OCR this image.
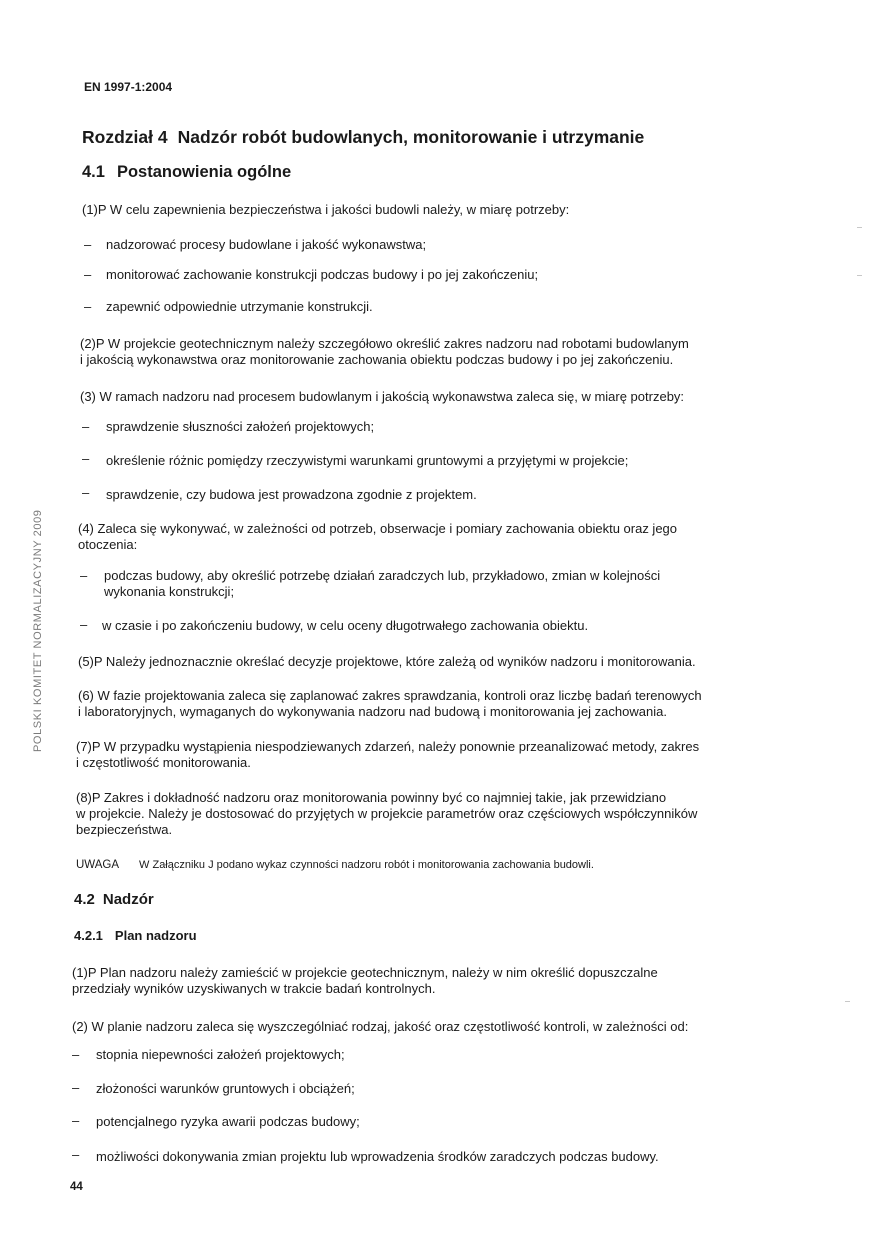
EN 1997-1:2004
Rozdział 4 Nadzór robót budowlanych, monitorowanie i utrzymanie
4.1 Postanowienia ogólne
(1)P W celu zapewnienia bezpieczeństwa i jakości budowli należy, w miarę potrzeby:
– nadzorować procesy budowlane i jakość wykonawstwa;
– monitorować zachowanie konstrukcji podczas budowy i po jej zakończeniu;
– zapewnić odpowiednie utrzymanie konstrukcji.
(2)P W projekcie geotechnicznym należy szczegółowo określić zakres nadzoru nad robotami budowlanym
i jakością wykonawstwa oraz monitorowanie zachowania obiektu podczas budowy i po jej zakończeniu.
(3) W ramach nadzoru nad procesem budowlanym i jakością wykonawstwa zaleca się, w miarę potrzeby:
– sprawdzenie słuszności założeń projektowych;
– określenie różnic pomiędzy rzeczywistymi warunkami gruntowymi a przyjętymi w projekcie;
– sprawdzenie, czy budowa jest prowadzona zgodnie z projektem.
(4) Zaleca się wykonywać, w zależności od potrzeb, obserwacje i pomiary zachowania obiektu oraz jego
otoczenia:
– podczas budowy, aby określić potrzebę działań zaradczych lub, przykładowo, zmian w kolejności
wykonania konstrukcji;
– w czasie i po zakończeniu budowy, w celu oceny długotrwałego zachowania obiektu.
(5)P Należy jednoznacznie określać decyzje projektowe, które zależą od wyników nadzoru i monitorowania.
(6) W fazie projektowania zaleca się zaplanować zakres sprawdzania, kontroli oraz liczbę badań terenowych
i laboratoryjnych, wymaganych do wykonywania nadzoru nad budową i monitorowania jej zachowania.
(7)P W przypadku wystąpienia niespodziewanych zdarzeń, należy ponownie przeanalizować metody, zakres
i częstotliwość monitorowania.
(8)P Zakres i dokładność nadzoru oraz monitorowania powinny być co najmniej takie, jak przewidziano
w projekcie. Należy je dostosować do przyjętych w projekcie parametrów oraz częściowych współczynników
bezpieczeństwa.
UWAGA W Załączniku J podano wykaz czynności nadzoru robót i monitorowania zachowania budowli.
4.2 Nadzór
4.2.1 Plan nadzoru
(1)P Plan nadzoru należy zamieścić w projekcie geotechnicznym, należy w nim określić dopuszczalne
przedziały wyników uzyskiwanych w trakcie badań kontrolnych.
(2) W planie nadzoru zaleca się wyszczególniać rodzaj, jakość oraz częstotliwość kontroli, w zależności od:
– stopnia niepewności założeń projektowych;
– złożoności warunków gruntowych i obciążeń;
– potencjalnego ryzyka awarii podczas budowy;
– możliwości dokonywania zmian projektu lub wprowadzenia środków zaradczych podczas budowy.
44
POLSKI KOMITET NORMALIZACYJNY 2009
